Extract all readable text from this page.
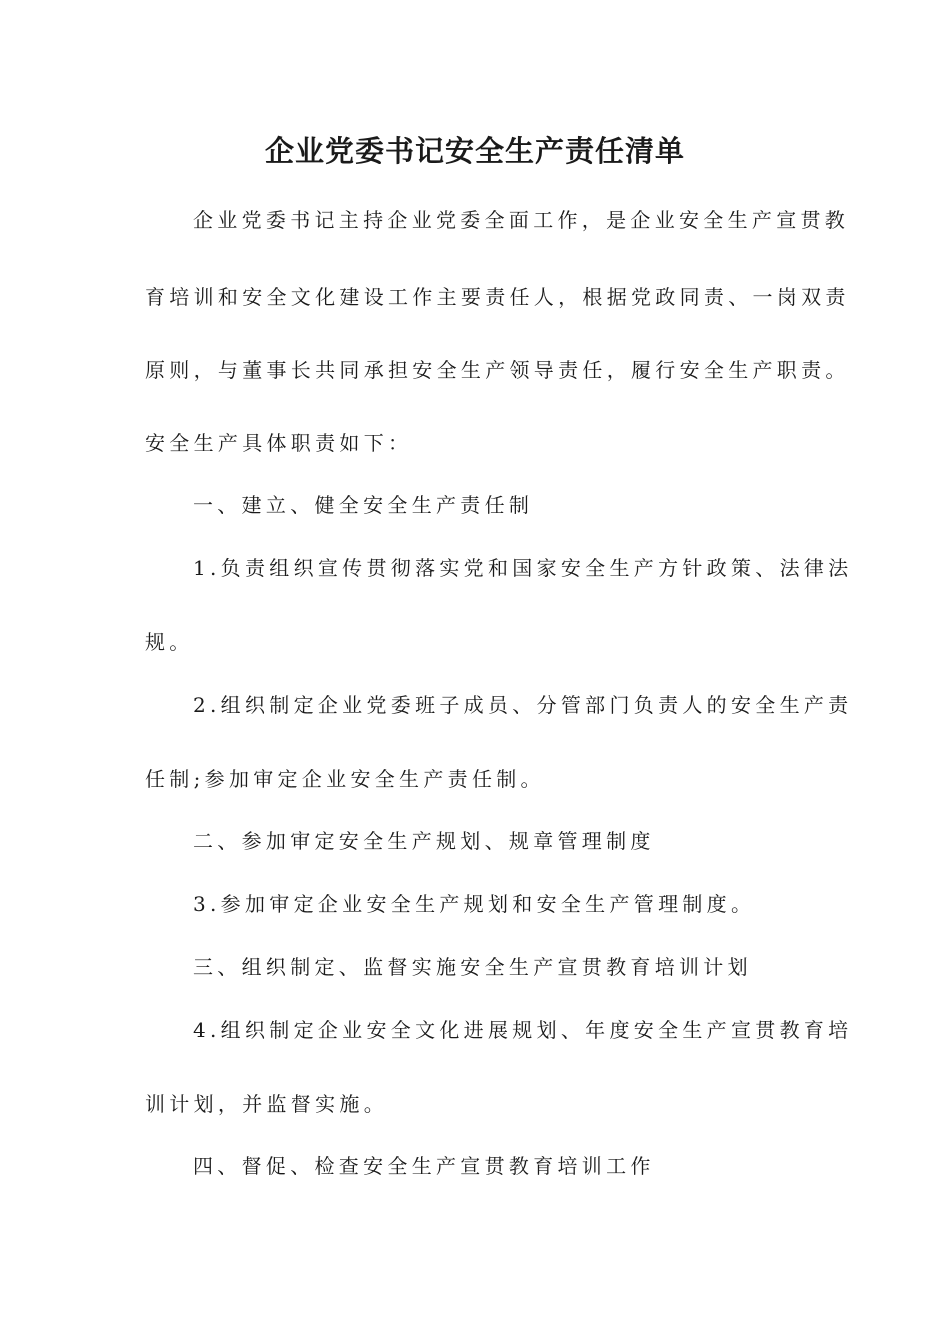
企业党委书记安全生产责任清单
企业党委书记主持企业党委全面工作，是企业安全生产宣贯教
育培训和安全文化建设工作主要责任人，根据党政同责、一岗双责
原则，与董事长共同承担安全生产领导责任，履行安全生产职责。
安全生产具体职责如下：
一、建立、健全安全生产责任制
1.负责组织宣传贯彻落实党和国家安全生产方针政策、法律法
规。
2.组织制定企业党委班子成员、分管部门负责人的安全生产责
任制;参加审定企业安全生产责任制。
二、参加审定安全生产规划、规章管理制度
3.参加审定企业安全生产规划和安全生产管理制度。
三、组织制定、监督实施安全生产宣贯教育培训计划
4.组织制定企业安全文化进展规划、年度安全生产宣贯教育培
训计划，并监督实施。
四、督促、检查安全生产宣贯教育培训工作
